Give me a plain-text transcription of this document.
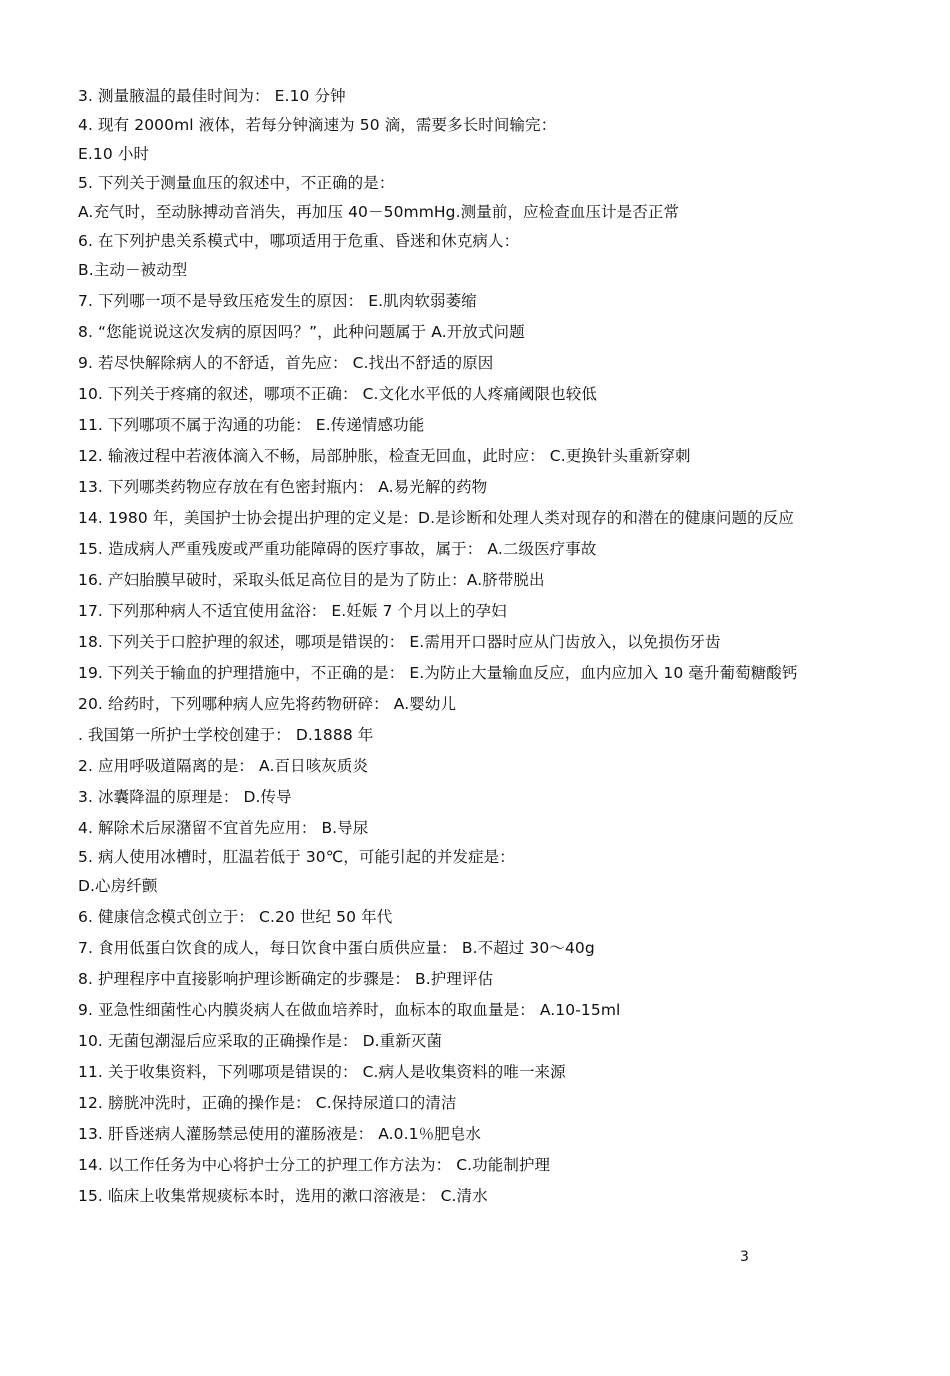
3. 测量腋温的最佳时间为： E.10 分钟
4. 现有 2000ml 液体，若每分钟滴速为 50 滴，需要多长时间输完：
E.10 小时
5. 下列关于测量血压的叙述中，不正确的是：
A.充气时，至动脉搏动音消失，再加压 40－50mmHg.测量前，应检查血压计是否正常
6. 在下列护患关系模式中，哪项适用于危重、昏迷和休克病人：
B.主动－被动型
7. 下列哪一项不是导致压疮发生的原因： E.肌肉软弱萎缩
8. “您能说说这次发病的原因吗？”，此种问题属于 A.开放式问题
9. 若尽快解除病人的不舒适，首先应： C.找出不舒适的原因
10. 下列关于疼痛的叙述，哪项不正确： C.文化水平低的人疼痛阈限也较低
11. 下列哪项不属于沟通的功能： E.传递情感功能
12. 输液过程中若液体滴入不畅，局部肿胀，检查无回血，此时应： C.更换针头重新穿刺
13. 下列哪类药物应存放在有色密封瓶内： A.易光解的药物
14. 1980 年，美国护士协会提出护理的定义是：D.是诊断和处理人类对现存的和潜在的健康问题的反应
15. 造成病人严重残废或严重功能障碍的医疗事故，属于： A.二级医疗事故
16. 产妇胎膜早破时，采取头低足高位目的是为了防止：A.脐带脱出
17. 下列那种病人不适宜使用盆浴： E.妊娠 7 个月以上的孕妇
18. 下列关于口腔护理的叙述，哪项是错误的： E.需用开口器时应从门齿放入，以免损伤牙齿
19. 下列关于输血的护理措施中，不正确的是： E.为防止大量输血反应，血内应加入 10 毫升葡萄糖酸钙
20. 给药时，下列哪种病人应先将药物研碎： A.婴幼儿
. 我国第一所护士学校创建于： D.1888 年
2. 应用呼吸道隔离的是： A.百日咳灰质炎
3. 冰囊降温的原理是： D.传导
4. 解除术后尿潴留不宜首先应用： B.导尿
5. 病人使用冰槽时，肛温若低于 30℃，可能引起的并发症是：
D.心房纤颤
6. 健康信念模式创立于： C.20 世纪 50 年代
7. 食用低蛋白饮食的成人，每日饮食中蛋白质供应量： B.不超过 30～40g
8. 护理程序中直接影响护理诊断确定的步骤是： B.护理评估
9. 亚急性细菌性心内膜炎病人在做血培养时，血标本的取血量是： A.10-15ml
10. 无菌包潮湿后应采取的正确操作是： D.重新灭菌
11. 关于收集资料，下列哪项是错误的： C.病人是收集资料的唯一来源
12. 膀胱冲洗时，正确的操作是： C.保持尿道口的清洁
13. 肝昏迷病人灌肠禁忌使用的灌肠液是： A.0.1％肥皂水
14. 以工作任务为中心将护士分工的护理工作方法为： C.功能制护理
15. 临床上收集常规痰标本时，选用的漱口溶液是： C.清水
3
